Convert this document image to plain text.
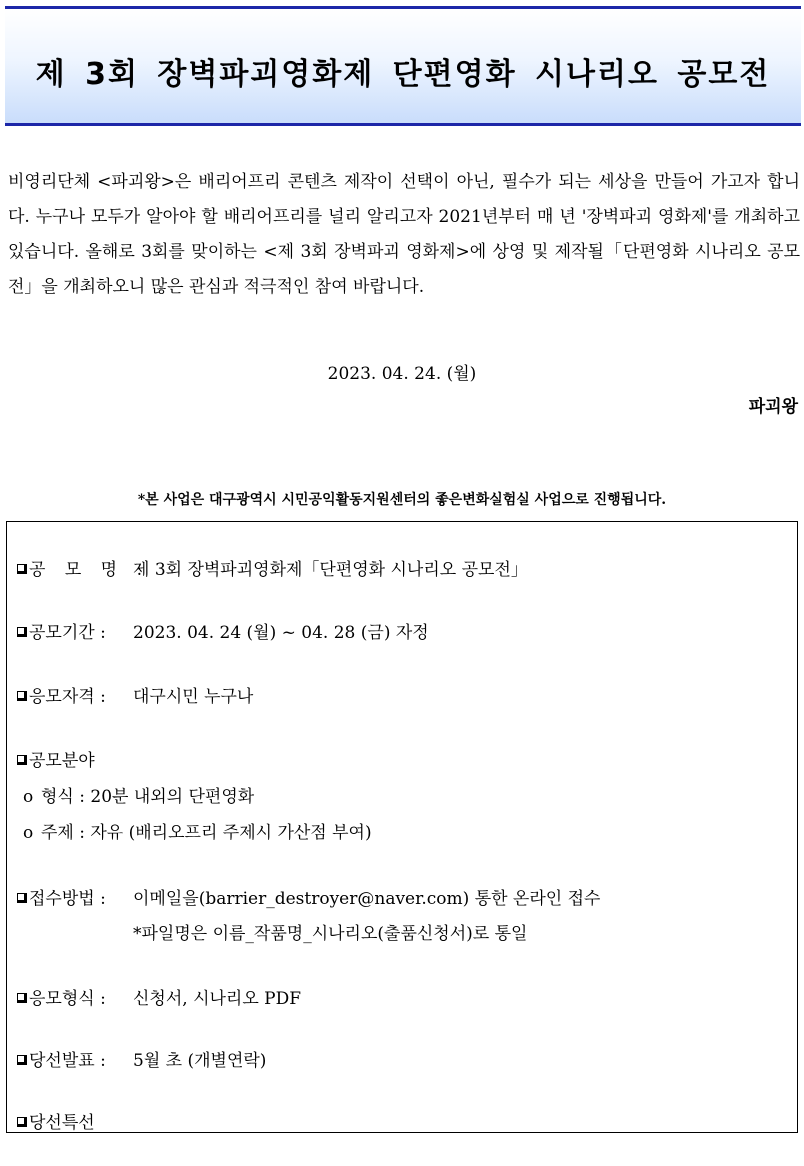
제 3회 장벽파괴영화제 단편영화 시나리오 공모전

비영리단체 <파괴왕>은 배리어프리 콘텐츠 제작이 선택이 아닌, 필수가 되는 세상을 만들어 가고자 합니다. 누구나 모두가 알아야 할 배리어프리를 널리 알리고자 2021년부터 매 년 '장벽파괴 영화제'를 개최하고 있습니다. 올해로 3회를 맞이하는 <제 3회 장벽파괴 영화제>에 상영 및 제작될「단편영화 시나리오 공모전」을 개최하오니 많은 관심과 적극적인 참여 바랍니다.

2023. 04. 24. (월)
파괴왕
*본 사업은 대구광역시 시민공익활동지원센터의 좋은변화실험실 사업으로 진행됩니다.
공 모 명 :제 3회 장벽파괴영화제「단편영화 시나리오 공모전」
공모기간 : 2023. 04. 24 (월) ~ 04. 28 (금) 자정
응모자격 : 대구시민 누구나
공모분야
o 형식 : 20분 내외의 단편영화
o 주제 : 자유 (배리오프리 주제시 가산점 부여)
접수방법 : 이메일을(barrier_destroyer@naver.com) 통한 온라인 접수
*파일명은 이름_작품명_시나리오(출품신청서)로 통일
응모형식 : 신청서, 시나리오 PDF
당선발표 : 5월 초 (개별연락)
당선특선
